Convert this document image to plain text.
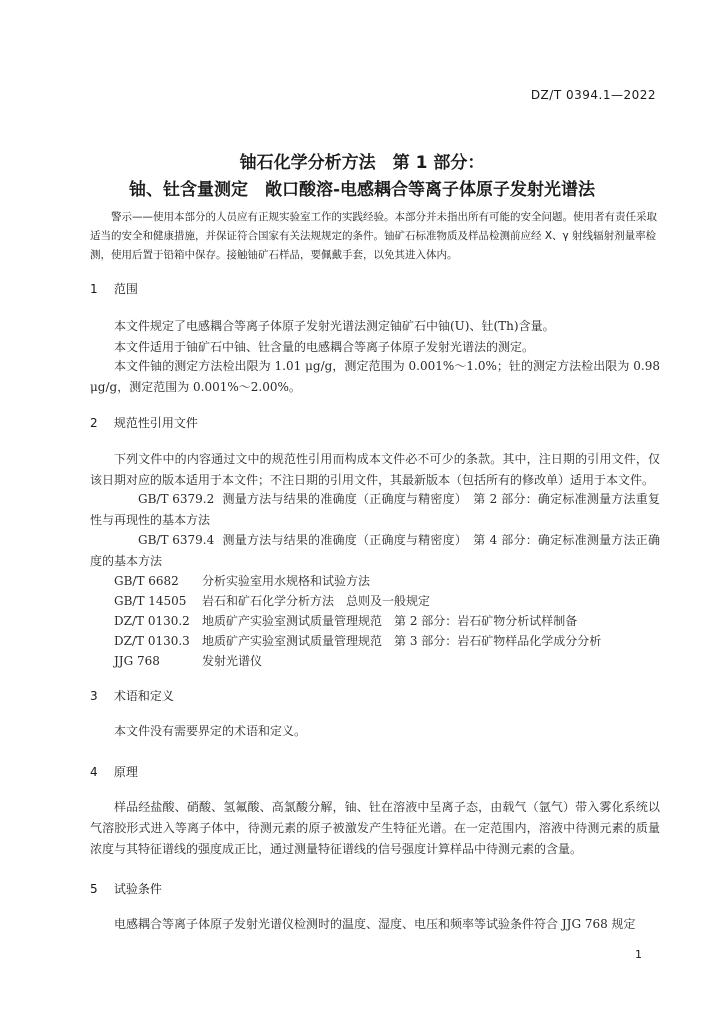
DZ/T 0394.1—2022
铀石化学分析方法　第 1 部分：
铀、钍含量测定　敞口酸溶-电感耦合等离子体原子发射光谱法
警示——使用本部分的人员应有正规实验室工作的实践经验。本部分并未指出所有可能的安全问题。使用者有责任采取适当的安全和健康措施，并保证符合国家有关法规规定的条件。铀矿石标准物质及样品检测前应经 X、γ 射线辐射剂量率检测，使用后置于铅箱中保存。接触铀矿石样品，要佩戴手套，以免其进入体内。
1 范围
本文件规定了电感耦合等离子体原子发射光谱法测定铀矿石中铀(U)、钍(Th)含量。
本文件适用于铀矿石中铀、钍含量的电感耦合等离子体原子发射光谱法的测定。
本文件铀的测定方法检出限为 1.01 μg/g，测定范围为 0.001%～1.0%；钍的测定方法检出限为 0.98 μg/g，测定范围为 0.001%～2.00%。
2 规范性引用文件
下列文件中的内容通过文中的规范性引用而构成本文件必不可少的条款。其中，注日期的引用文件，仅该日期对应的版本适用于本文件；不注日期的引用文件，其最新版本（包括所有的修改单）适用于本文件。
GB/T 6379.2 测量方法与结果的准确度（正确度与精密度）　第 2 部分：确定标准测量方法重复性与再现性的基本方法
GB/T 6379.4 测量方法与结果的准确度（正确度与精密度）　第 4 部分：确定标准测量方法正确度的基本方法
GB/T 6682 分析实验室用水规格和试验方法
GB/T 14505 岩石和矿石化学分析方法　总则及一般规定
DZ/T 0130.2 地质矿产实验室测试质量管理规范　第 2 部分：岩石矿物分析试样制备
DZ/T 0130.3 地质矿产实验室测试质量管理规范　第 3 部分：岩石矿物样品化学成分分析
JJG 768	发射光谱仪
3 术语和定义
本文件没有需要界定的术语和定义。
4 原理
样品经盐酸、硝酸、氢氟酸、高氯酸分解，铀、钍在溶液中呈离子态，由载气（氩气）带入雾化系统以气溶胶形式进入等离子体中，待测元素的原子被激发产生特征光谱。在一定范围内，溶液中待测元素的质量浓度与其特征谱线的强度成正比，通过测量特征谱线的信号强度计算样品中待测元素的含量。
5 试验条件
电感耦合等离子体原子发射光谱仪检测时的温度、湿度、电压和频率等试验条件符合 JJG 768 规定
1
